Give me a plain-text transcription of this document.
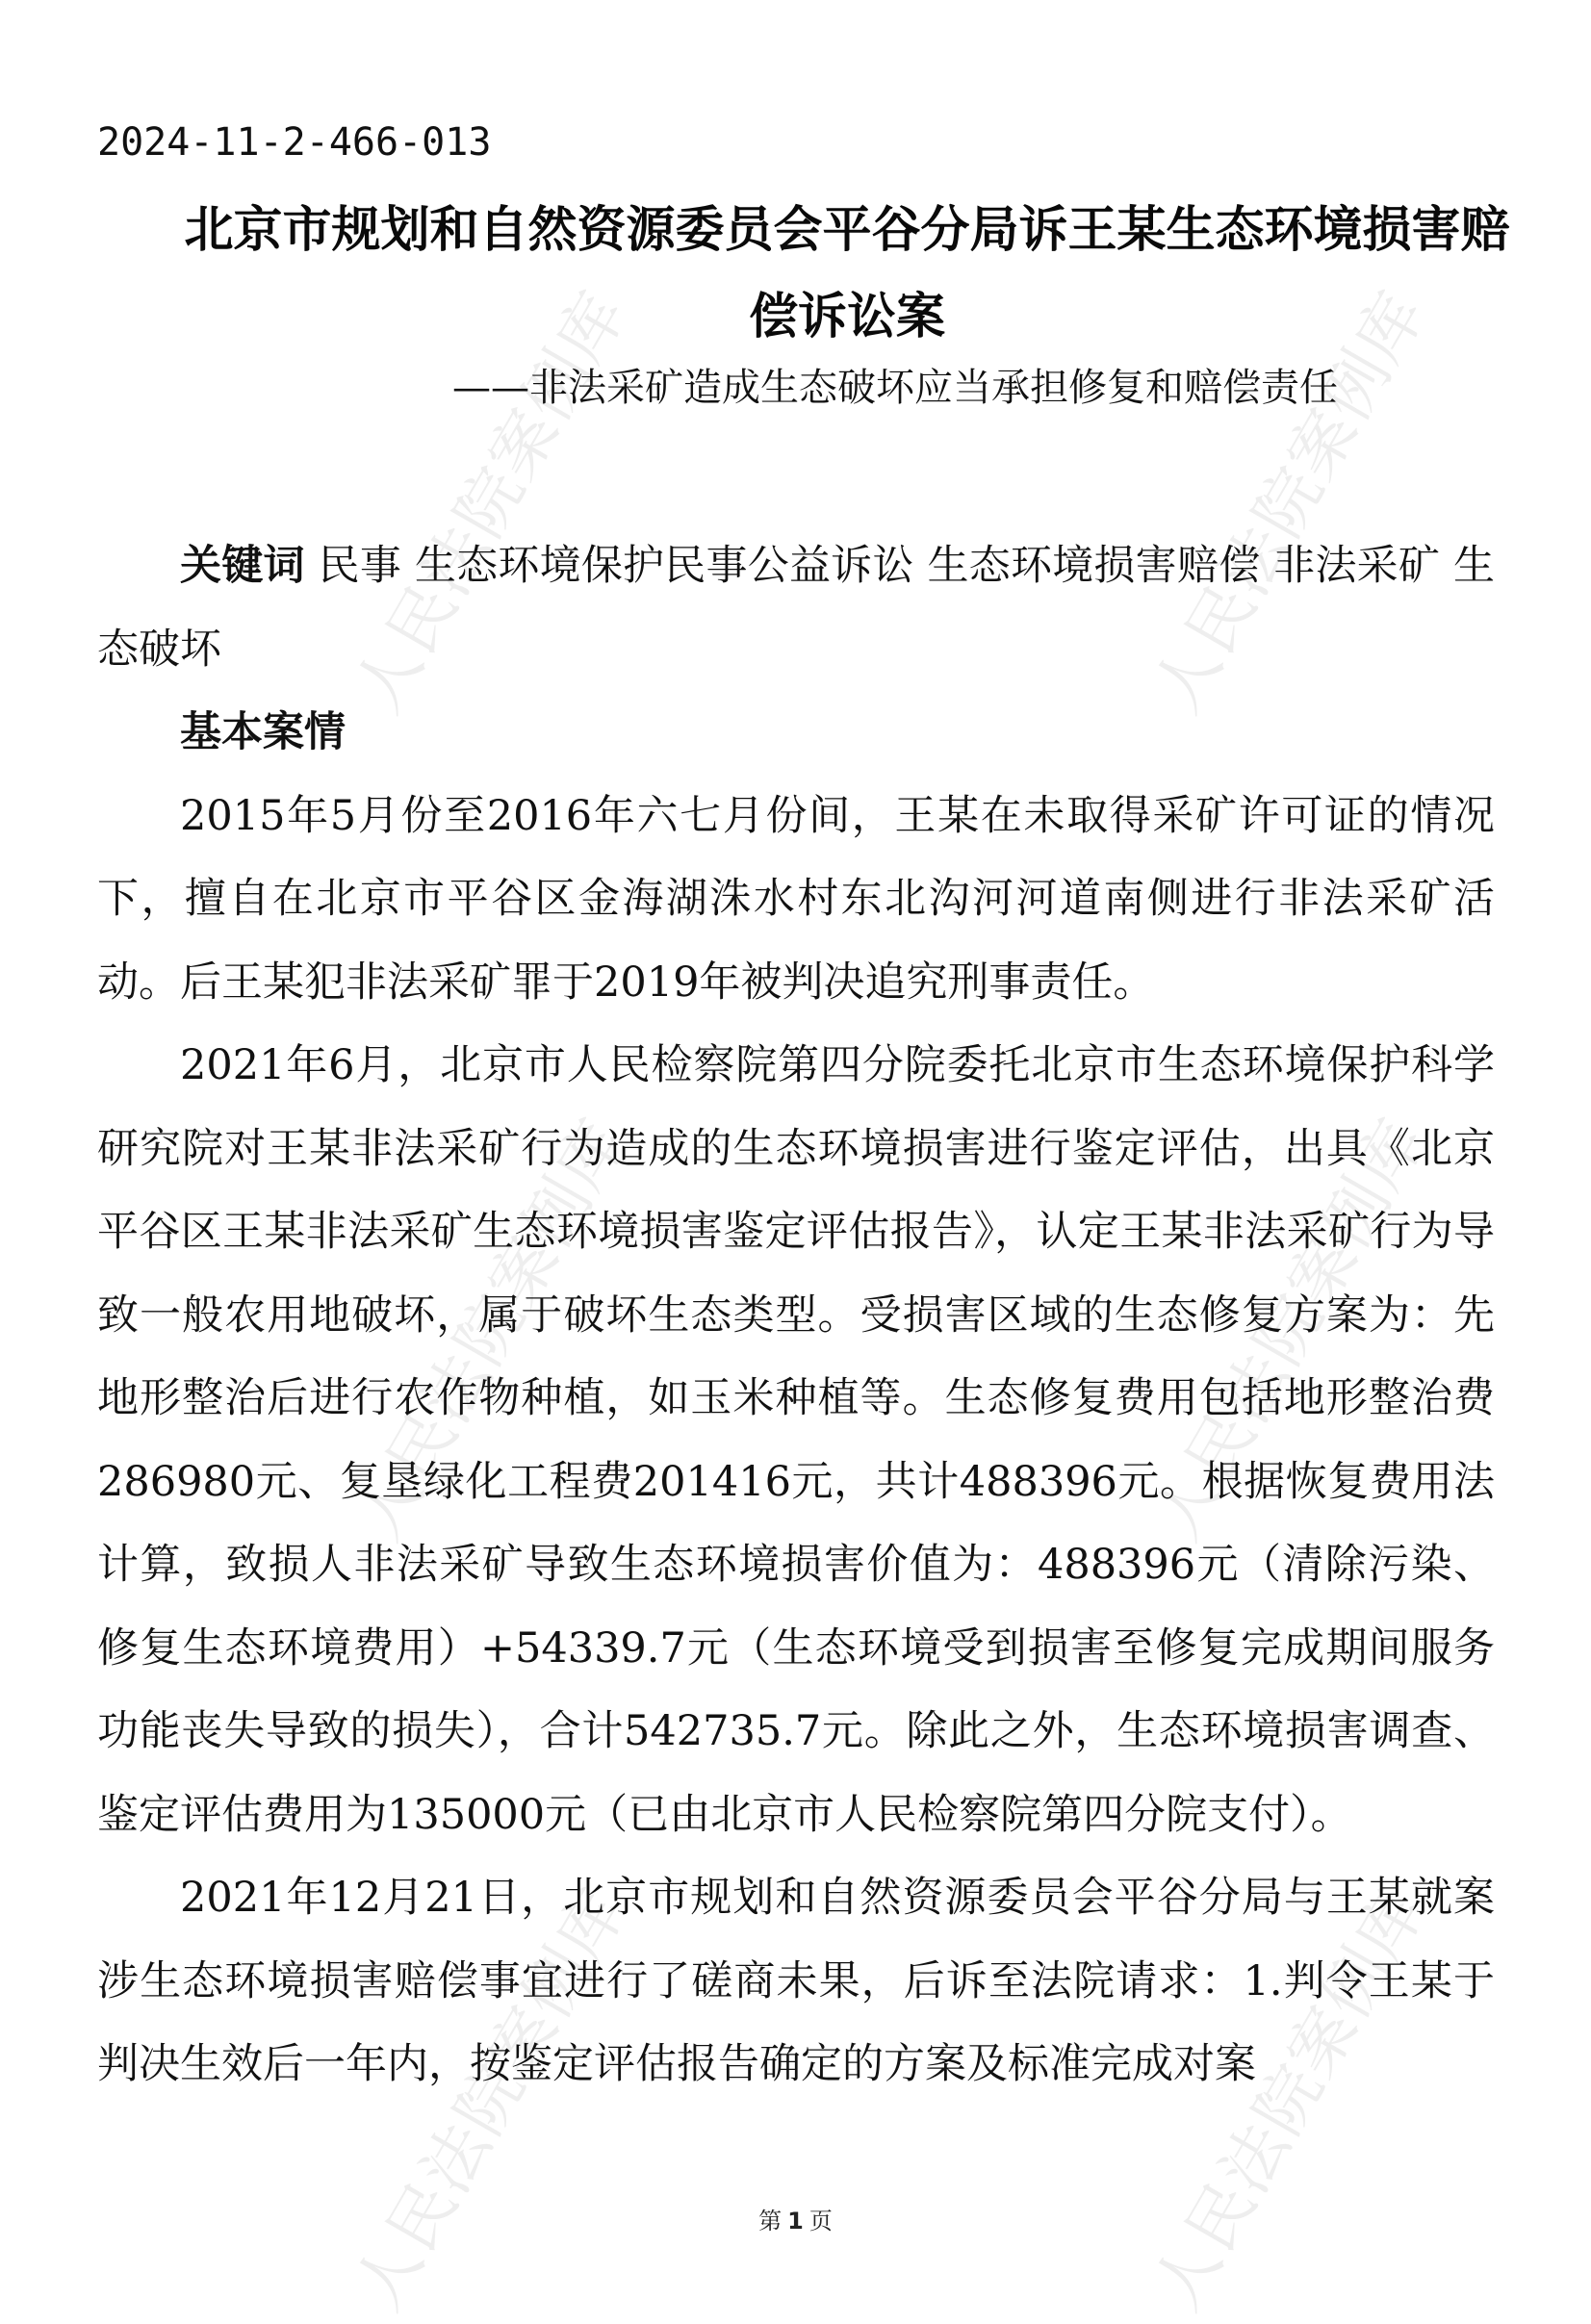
人民法院案例库	人民法院案例库
人民法院案例库	人民法院案例库
人民法院案例库	人民法院案例库
2024-11-2-466-013
北京市规划和自然资源委员会平谷分局诉王某生态环境损害赔偿诉讼案
——非法采矿造成生态破坏应当承担修复和赔偿责任

关键词 民事 生态环境保护民事公益诉讼 生态环境损害赔偿 非法采矿 生态破坏

基本案情

2015年5月份至2016年六七月份间，王某在未取得采矿许可证的情况下，擅自在北京市平谷区金海湖洙水村东北沟河河道南侧进行非法采矿活动。后王某犯非法采矿罪于2019年被判决追究刑事责任。

2021年6月，北京市人民检察院第四分院委托北京市生态环境保护科学研究院对王某非法采矿行为造成的生态环境损害进行鉴定评估，出具《北京平谷区王某非法采矿生态环境损害鉴定评估报告》，认定王某非法采矿行为导致一般农用地破坏，属于破坏生态类型。受损害区域的生态修复方案为：先地形整治后进行农作物种植，如玉米种植等。生态修复费用包括地形整治费286980元、复垦绿化工程费201416元，共计488396元。根据恢复费用法计算，致损人非法采矿导致生态环境损害价值为：488396元（清除污染、修复生态环境费用）+54339.7元（生态环境受到损害至修复完成期间服务功能丧失导致的损失），合计542735.7元。除此之外，生态环境损害调查、鉴定评估费用为135000元（已由北京市人民检察院第四分院支付）。

2021年12月21日，北京市规划和自然资源委员会平谷分局与王某就案涉生态环境损害赔偿事宜进行了磋商未果，后诉至法院请求：1.判令王某于判决生效后一年内，按鉴定评估报告确定的方案及标准完成对案

第 1 页
